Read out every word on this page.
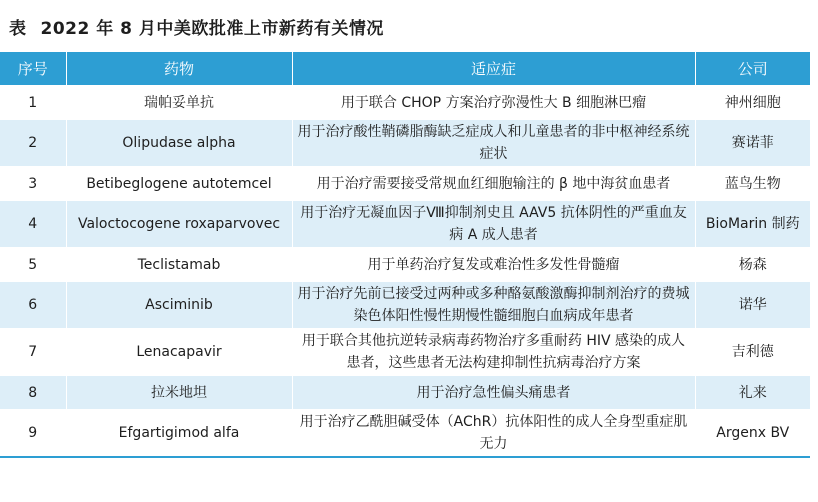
表 2022 年 8 月中美欧批准上市新药有关情况
序号	药物	适应症	公司
1	瑞帕妥单抗	用于联合 CHOP 方案治疗弥漫性大 B 细胞淋巴瘤	神州细胞
2	Olipudase alpha	用于治疗酸性鞘磷脂酶缺乏症成人和儿童患者的非中枢神经系统症状	赛诺菲
3	Betibeglogene autotemcel	用于治疗需要接受常规血红细胞输注的 β 地中海贫血患者	蓝鸟生物
4	Valoctocogene roxaparvovec	用于治疗无凝血因子Ⅷ抑制剂史且 AAV5 抗体阴性的严重血友病 A 成人患者	BioMarin 制药
5	Teclistamab	用于单药治疗复发或难治性多发性骨髓瘤	杨森
6	Asciminib	用于治疗先前已接受过两种或多种酪氨酸激酶抑制剂治疗的费城染色体阳性慢性期慢性髓细胞白血病成年患者	诺华
7	Lenacapavir	用于联合其他抗逆转录病毒药物治疗多重耐药 HIV 感染的成人患者，这些患者无法构建抑制性抗病毒治疗方案	吉利德
8	拉米地坦	用于治疗急性偏头痛患者	礼来
9	Efgartigimod alfa	用于治疗乙酰胆碱受体（AChR）抗体阳性的成人全身型重症肌无力	Argenx BV
